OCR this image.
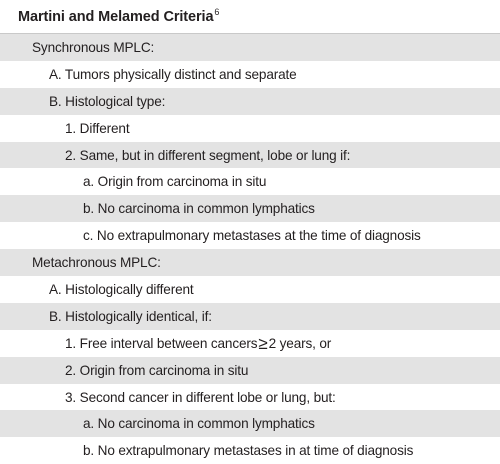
Martini and Melamed Criteria$^6$
Synchronous MPLC:
A. Tumors physically distinct and separate
B. Histological type:
1. Different
2. Same, but in different segment, lobe or lung if:
a. Origin from carcinoma in situ
b. No carcinoma in common lymphatics
c. No extrapulmonary metastases at the time of diagnosis
Metachronous MPLC:
A. Histologically different
B. Histologically identical, if:
1. Free interval between cancers ≥ 2 years, or
2. Origin from carcinoma in situ
3. Second cancer in different lobe or lung, but:
a. No carcinoma in common lymphatics
b. No extrapulmonary metastases in at time of diagnosis
